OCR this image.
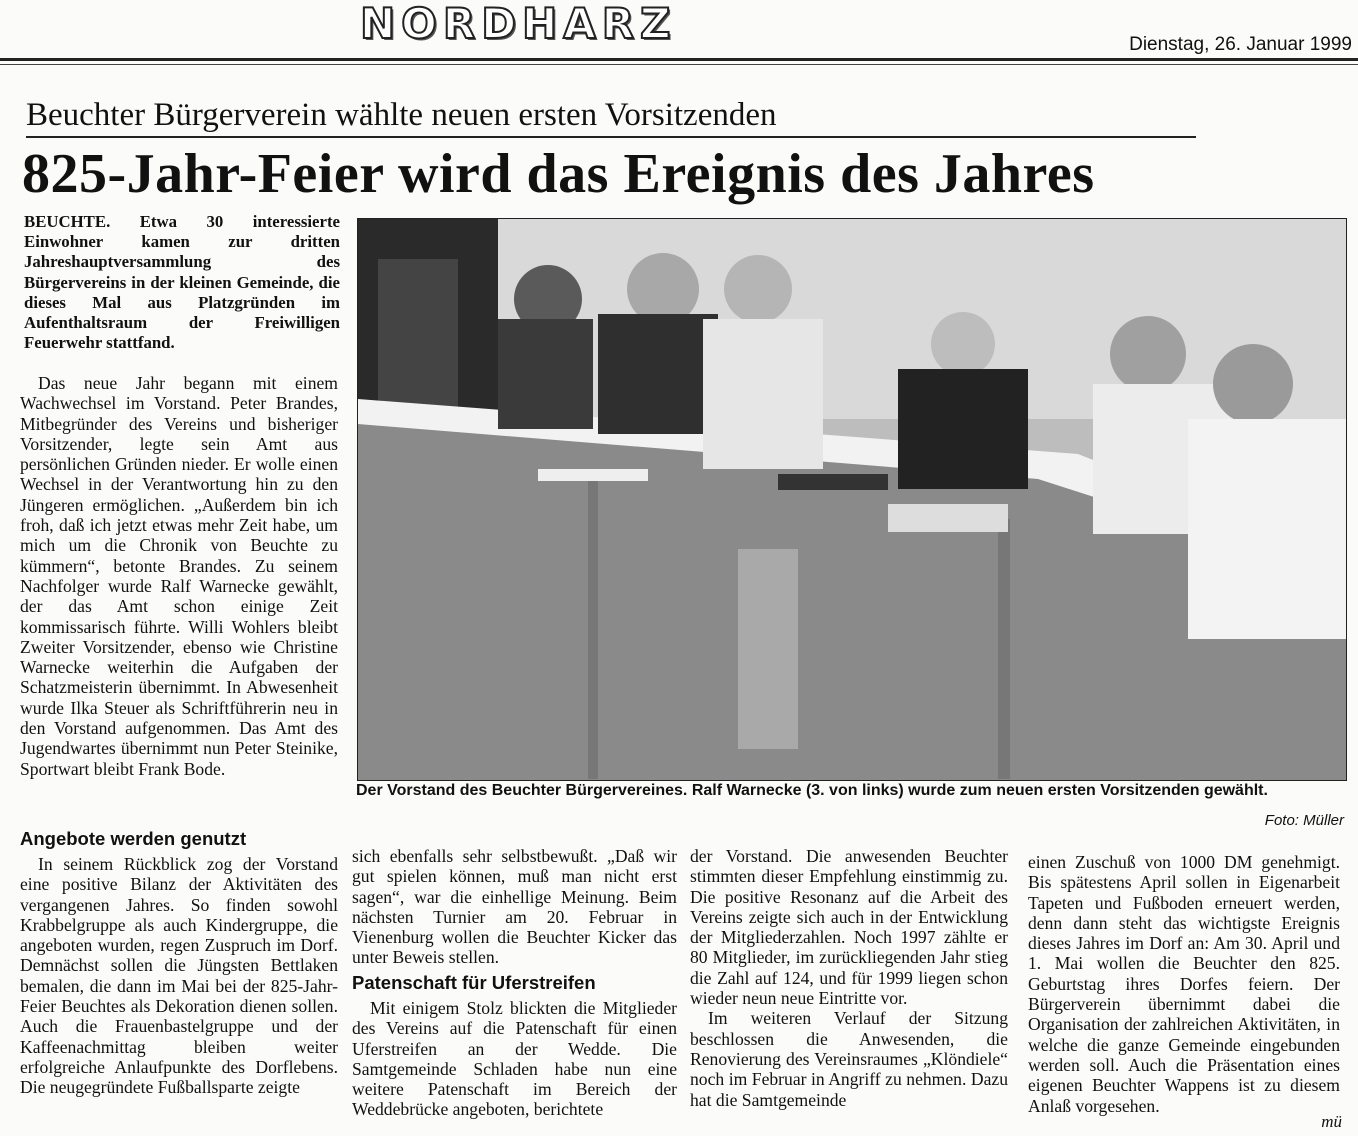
NORDHARZ	Dienstag, 26. Januar 1999
Beuchter Bürgerverein wählte neuen ersten Vorsitzenden
825-Jahr-Feier wird das Ereignis des Jahres
BEUCHTE. Etwa 30 interessierte Einwohner kamen zur dritten Jahreshauptversammlung des Bürgervereins in der kleinen Gemeinde, die dieses Mal aus Platzgründen im Aufenthaltsraum der Freiwilligen Feuerwehr stattfand.

Das neue Jahr begann mit einem Wachwechsel im Vorstand. Peter Brandes, Mitbegründer des Vereins und bisheriger Vorsitzender, legte sein Amt aus persönlichen Gründen nieder. Er wolle einen Wechsel in der Verantwortung hin zu den Jüngeren ermöglichen. „Außerdem bin ich froh, daß ich jetzt etwas mehr Zeit habe, um mich um die Chronik von Beuchte zu kümmern“, betonte Brandes. Zu seinem Nachfolger wurde Ralf Warnecke gewählt, der das Amt schon einige Zeit kommissarisch führte. Willi Wohlers bleibt Zweiter Vorsitzender, ebenso wie Christine Warnecke weiterhin die Aufgaben der Schatzmeisterin übernimmt. In Abwesenheit wurde Ilka Steuer als Schriftführerin neu in den Vorstand aufgenommen. Das Amt des Jugendwartes übernimmt nun Peter Steinike, Sportwart bleibt Frank Bode.

Angebote werden genutzt

In seinem Rückblick zog der Vorstand eine positive Bilanz der Aktivitäten des vergangenen Jahres. So finden sowohl Krabbelgruppe als auch Kindergruppe, die angeboten wurden, regen Zuspruch im Dorf. Demnächst sollen die Jüngsten Bettlaken bemalen, die dann im Mai bei der 825-Jahr-Feier Beuchtes als Dekoration dienen sollen. Auch die Frauenbastelgruppe und der Kaffeenachmittag bleiben weiter erfolgreiche Anlaufpunkte des Dorflebens. Die neugegründete Fußballsparte zeigte

sich ebenfalls sehr selbstbewußt. „Daß wir gut spielen können, muß man nicht erst sagen“, war die einhellige Meinung. Beim nächsten Turnier am 20. Februar in Vienenburg wollen die Beuchter Kicker das unter Beweis stellen.

Patenschaft für Uferstreifen

Mit einigem Stolz blickten die Mitglieder des Vereins auf die Patenschaft für einen Uferstreifen an der Wedde. Die Samtgemeinde Schladen habe nun eine weitere Patenschaft im Bereich der Weddebrücke angeboten, berichtete

der Vorstand. Die anwesenden Beuchter stimmten dieser Empfehlung einstimmig zu. Die positive Resonanz auf die Arbeit des Vereins zeigte sich auch in der Entwicklung der Mitgliederzahlen. Noch 1997 zählte er 80 Mitglieder, im zurückliegenden Jahr stieg die Zahl auf 124, und für 1999 liegen schon wieder neun neue Eintritte vor.

Im weiteren Verlauf der Sitzung beschlossen die Anwesenden, die Renovierung des Vereinsraumes „Klöndiele“ noch im Februar in Angriff zu nehmen. Dazu hat die Samtgemeinde

einen Zuschuß von 1000 DM genehmigt. Bis spätestens April sollen in Eigenarbeit Tapeten und Fußboden erneuert werden, denn dann steht das wichtigste Ereignis dieses Jahres im Dorf an: Am 30. April und 1. Mai wollen die Beuchter den 825. Geburtstag ihres Dorfes feiern. Der Bürgerverein übernimmt dabei die Organisation der zahlreichen Aktivitäten, in welche die ganze Gemeinde eingebunden werden soll. Auch die Präsentation eines eigenen Beuchter Wappens ist zu diesem Anlaß vorgesehen.

mü
Der Vorstand des Beuchter Bürgervereines. Ralf Warnecke (3. von links) wurde zum neuen ersten Vorsitzenden gewählt.
Foto: Müller
